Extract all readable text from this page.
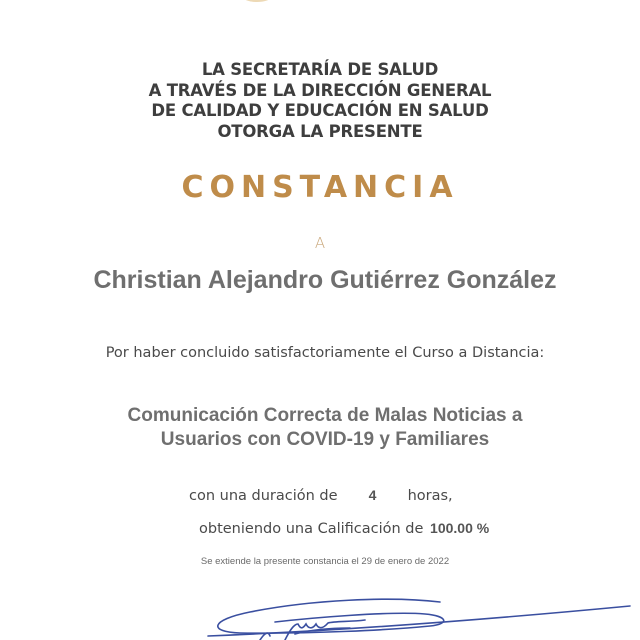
LA SECRETARÍA DE SALUD
A TRAVÉS DE LA DIRECCIÓN GENERAL
DE CALIDAD Y EDUCACIÓN EN SALUD
OTORGA LA PRESENTE
CONSTANCIA
A
Christian Alejandro Gutiérrez González
Por haber concluido satisfactoriamente el Curso a Distancia:
Comunicación Correcta de Malas Noticias a
Usuarios con COVID-19 y Familiares
con una duración de 4 horas,
obteniendo una Calificación de 100.00 %
Se extiende la presente constancia el 29 de enero de 2022
